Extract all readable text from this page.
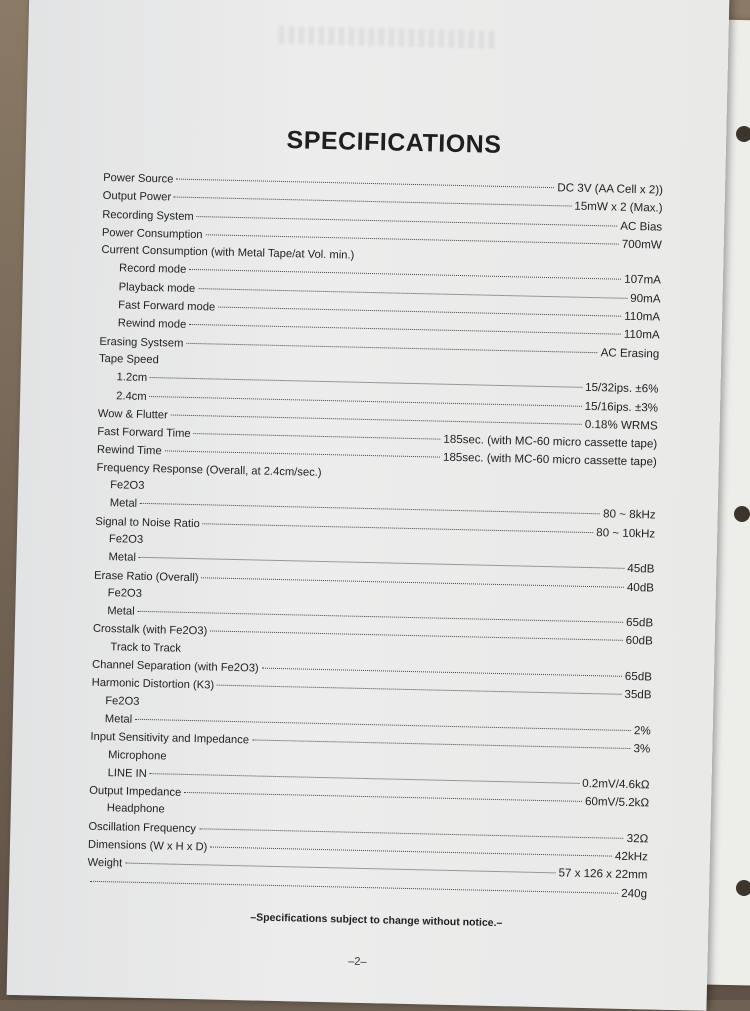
SPECIFICATIONS
Power Source
DC 3V (AA Cell x 2))
Output Power
15mW x 2 (Max.)
Recording System
AC Bias
Power Consumption
700mW
Current Consumption (with Metal Tape/at Vol. min.)
Record mode
107mA
Playback mode
90mA
Fast Forward mode
110mA
Rewind mode
110mA
Erasing Systsem
AC Erasing
Tape Speed
1.2cm
15/32ips. ±6%
2.4cm
15/16ips. ±3%
Wow & Flutter
0.18% WRMS
Fast Forward Time	185sec. (with MC-60 micro cassette tape)
Rewind Time
185sec. (with MC-60 micro cassette tape)
Frequency Response (Overall, at 2.4cm/sec.)
Fe2O3
Metal
80 ~ 8kHz
Signal to Noise Ratio
80 ~ 10kHz
Fe2O3
Metal
45dB
Erase Ratio (Overall)
40dB
Fe2O3
Metal
65dB
Crosstalk (with Fe2O3)
60dB
Track to Track
Channel Separation (with Fe2O3)
65dB
Harmonic Distortion (K3)
35dB
Fe2O3
Metal
2%
Input Sensitivity and Impedance
3%
Microphone
LINE IN
0.2mV/4.6kΩ
Output Impedance
60mV/5.2kΩ
Headphone
Oscillation Frequency
32Ω
Dimensions (W x H x D)
42kHz
Weight
57 x 126 x 22mm
240g
–Specifications subject to change without notice.–
–2–
